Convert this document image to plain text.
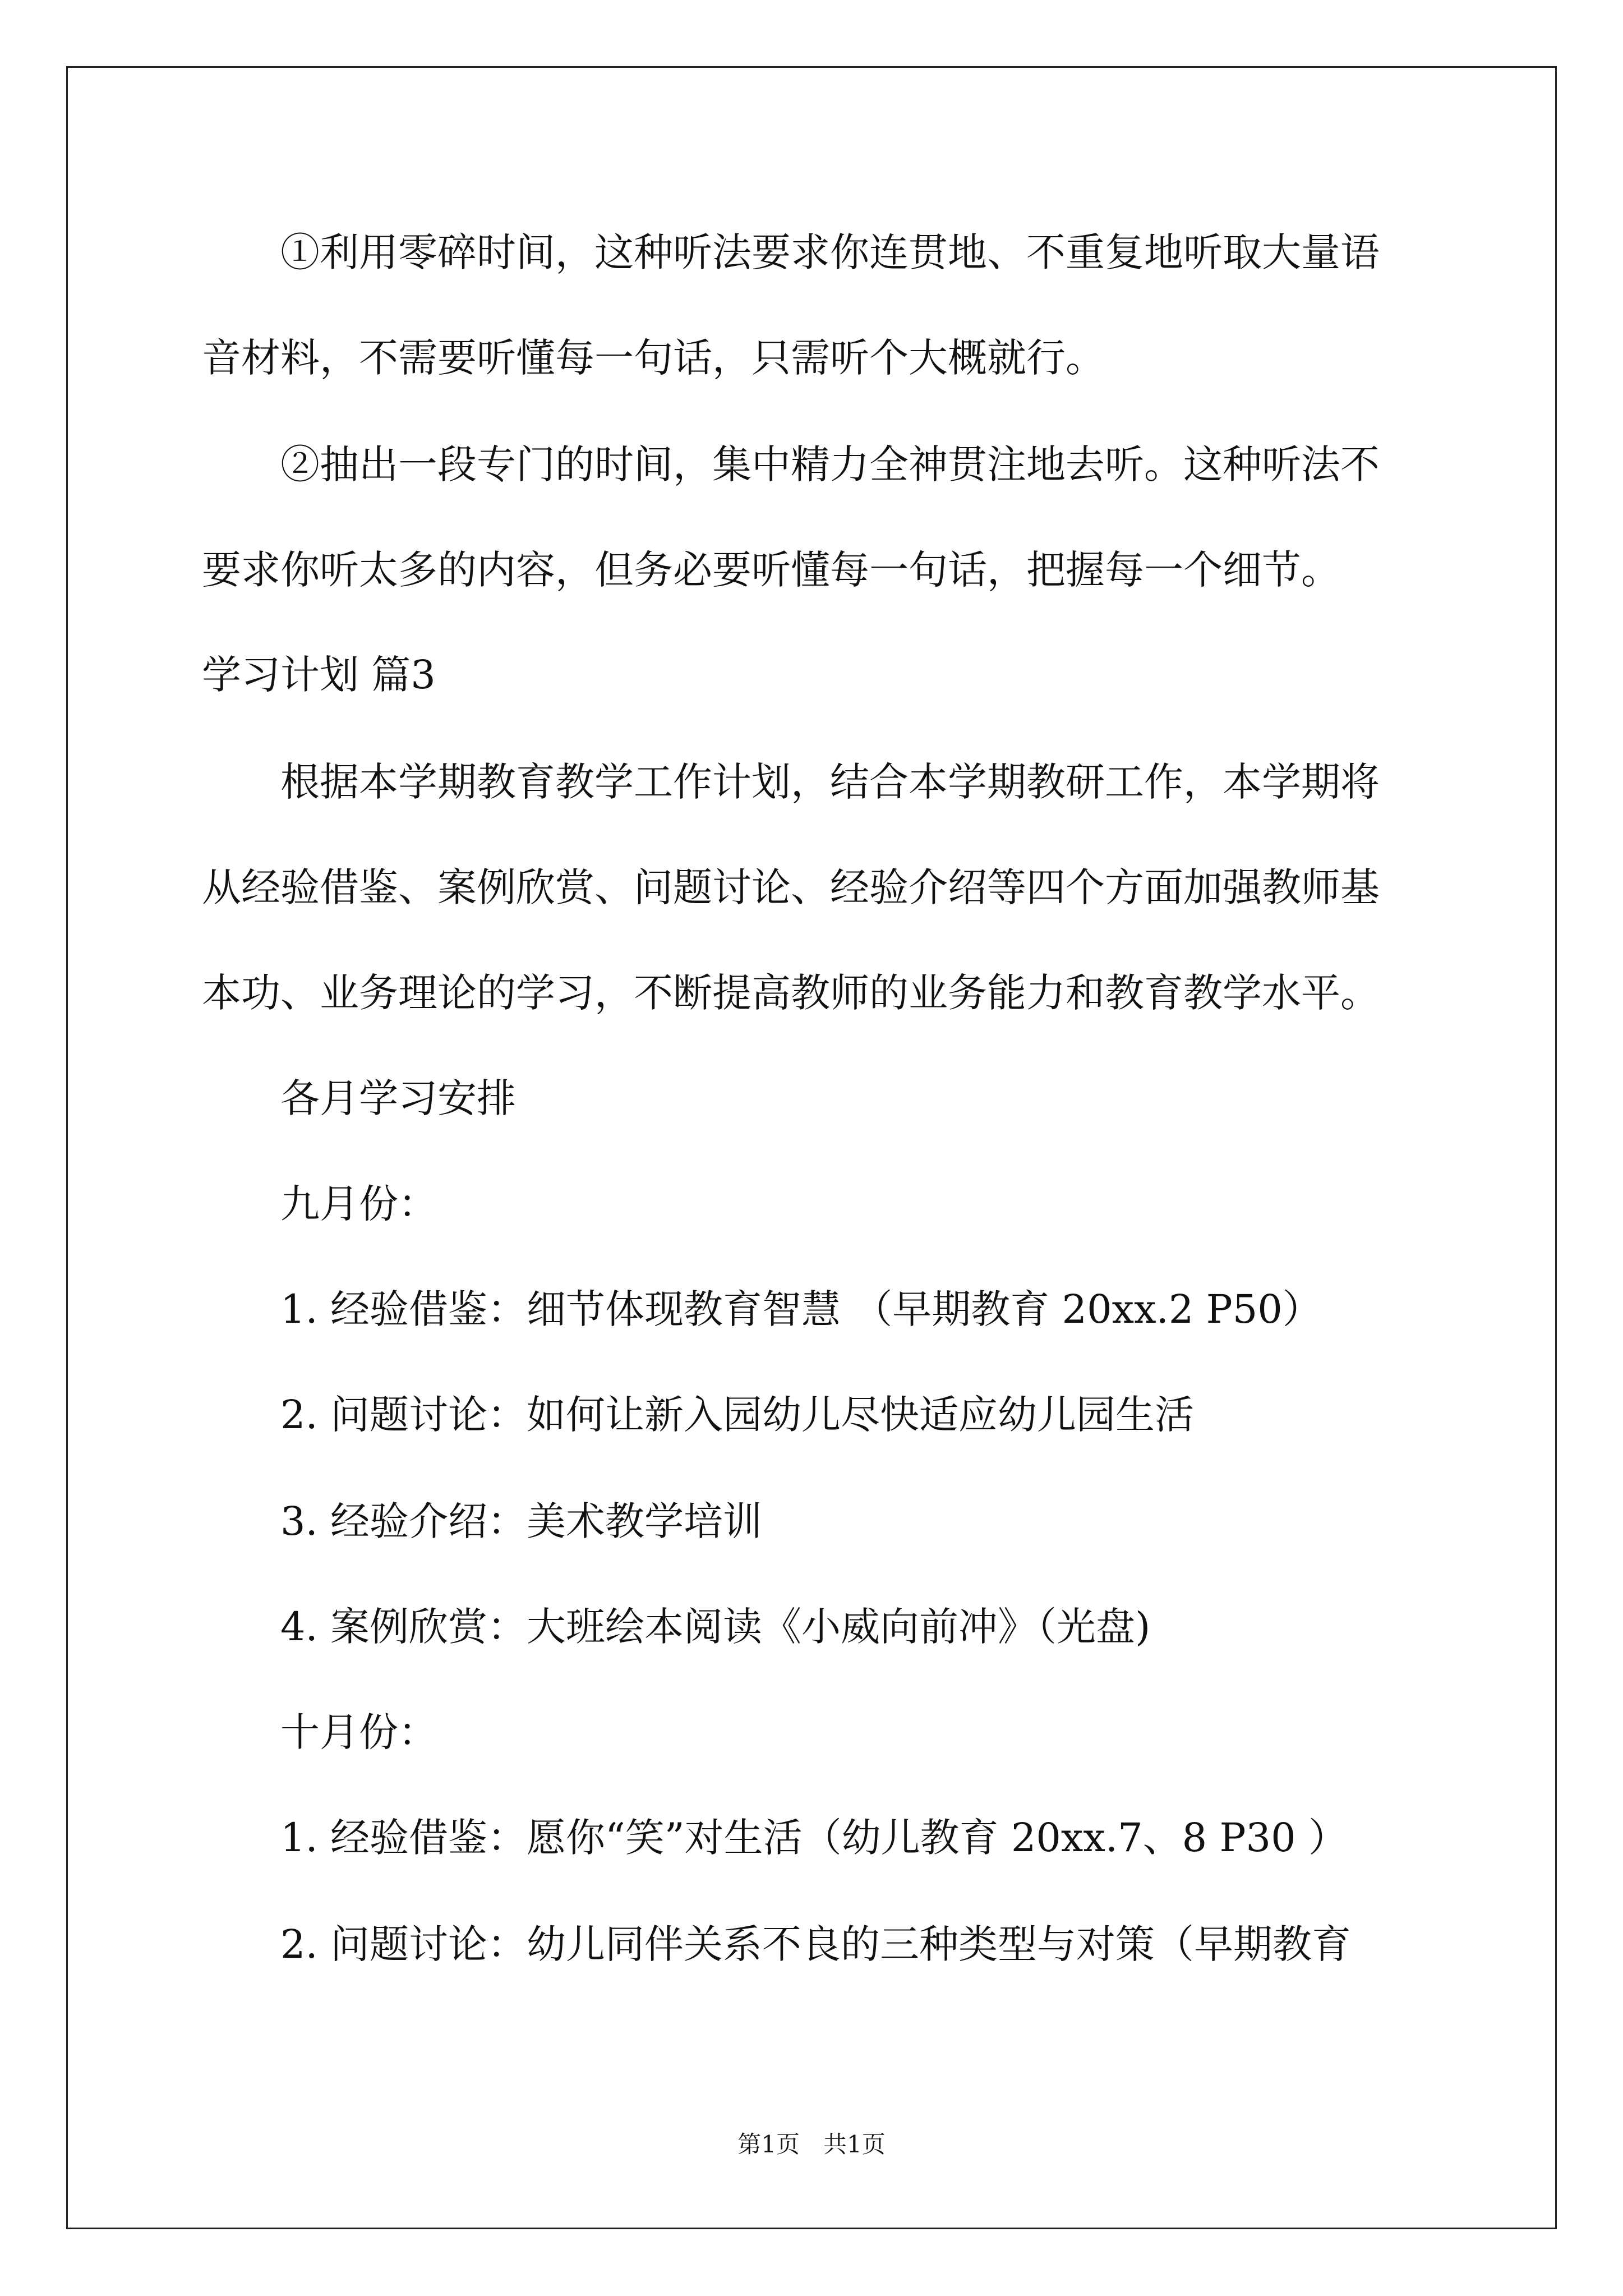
①利用零碎时间，这种听法要求你连贯地、不重复地听取大量语
音材料，不需要听懂每一句话，只需听个大概就行。
②抽出一段专门的时间，集中精力全神贯注地去听。这种听法不
要求你听太多的内容，但务必要听懂每一句话，把握每一个细节。
学习计划 篇3
根据本学期教育教学工作计划，结合本学期教研工作，本学期将
从经验借鉴、案例欣赏、问题讨论、经验介绍等四个方面加强教师基
本功、业务理论的学习，不断提高教师的业务能力和教育教学水平。
各月学习安排
九月份：
1. 经验借鉴：细节体现教育智慧 （早期教育 20xx.2 P50）
2. 问题讨论：如何让新入园幼儿尽快适应幼儿园生活
3. 经验介绍：美术教学培训
4. 案例欣赏：大班绘本阅读《小威向前冲》（光盘)
十月份：
1. 经验借鉴：愿你“笑”对生活（幼儿教育 20xx.7、8 P30 ）
2. 问题讨论：幼儿同伴关系不良的三种类型与对策（早期教育
第1页　共1页
